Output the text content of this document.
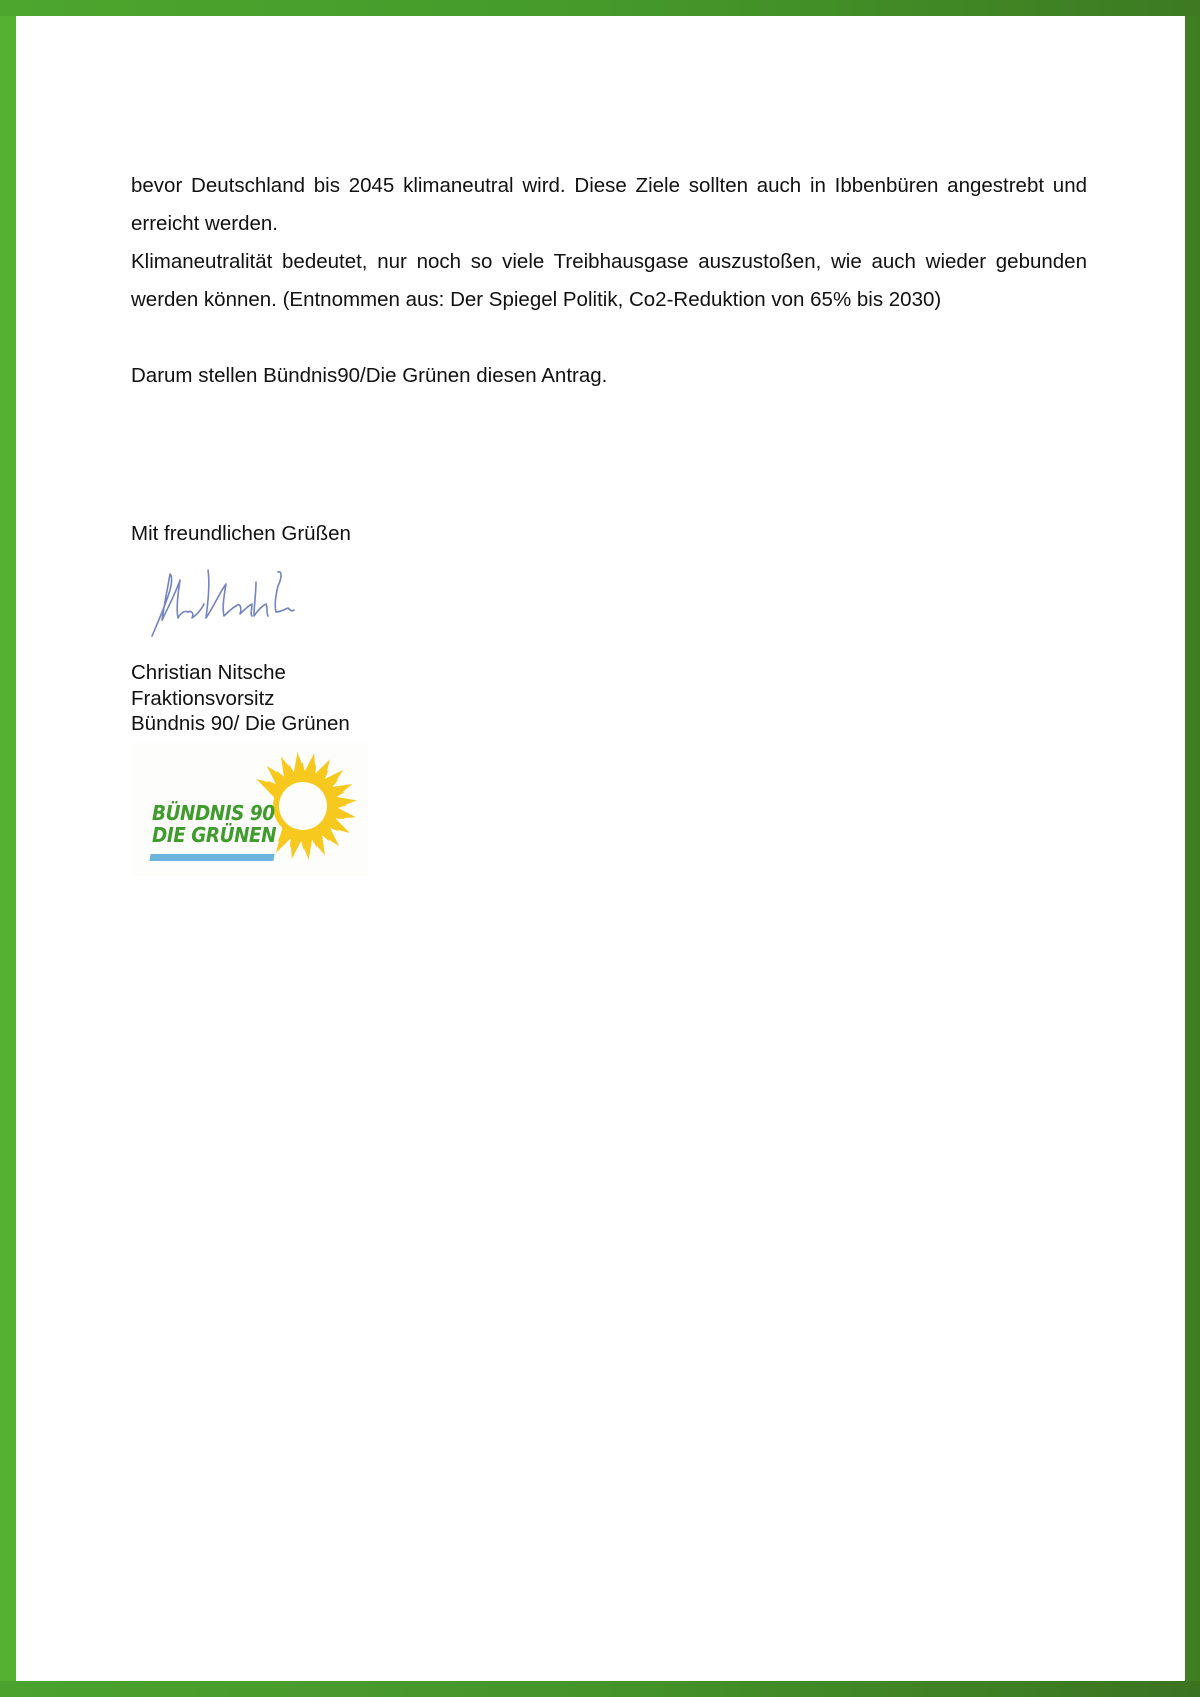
bevor Deutschland bis 2045 klimaneutral wird. Diese Ziele sollten auch in Ibbenbüren angestrebt und erreicht werden.

Klimaneutralität bedeutet, nur noch so viele Treibhausgase auszustoßen, wie auch wieder gebunden werden können. (Entnommen aus: Der Spiegel Politik, Co2-Reduktion von 65% bis 2030)

Darum stellen Bündnis90/Die Grünen diesen Antrag.

Mit freundlichen Grüßen

Christian Nitsche
Fraktionsvorsitz
Bündnis 90/ Die Grünen
BÜNDNIS 90
DIE GRÜNEN
